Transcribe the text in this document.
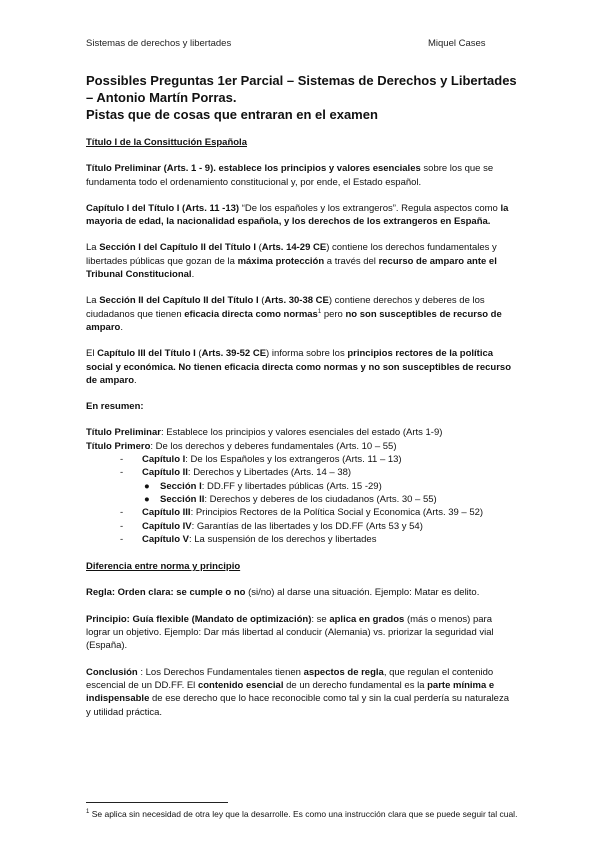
Sistemas de derechos y libertades	Miquel Cases
Possibles Preguntas 1er Parcial – Sistemas de Derechos y Libertades – Antonio Martín Porras.
Pistas que de cosas que entraran en el examen

Título I de la Consittución Española

Título Preliminar (Arts. 1 - 9). establece los principios y valores esenciales sobre los que se fundamenta todo el ordenamiento constitucional y, por ende, el Estado español.

Capítulo I del Título I (Arts. 11 -13) “De los españoles y los extrangeros”. Regula aspectos como la mayoria de edad, la nacionalidad española, y los derechos de los extrangeros en España.

La Sección I del Capítulo II del Título I (Arts. 14-29 CE) contiene los derechos fundamentales y libertades públicas que gozan de la máxima protección a través del recurso de amparo ante el Tribunal Constitucional.

La Sección II del Capítulo II del Título I (Arts. 30-38 CE) contiene derechos y deberes de los ciudadanos que tienen eficacia directa como normas$^1$ pero no son susceptibles de recurso de amparo.

El Capítulo III del Título I (Arts. 39-52 CE) informa sobre los principios rectores de la política social y económica. No tienen eficacia directa como normas y no son susceptibles de recurso de amparo.

En resumen:

Título Preliminar: Establece los principios y valores esenciales del estado (Arts 1-9)

Título Primero: De los derechos y deberes fundamentales (Arts. 10 – 55)

- Capítulo I: De los Españoles y los extrangeros (Arts. 11 – 13)

- Capítulo II: Derechos y Libertades (Arts. 14 – 38)

● Sección I: DD.FF y libertades públicas (Arts. 15 -29)

● Sección II: Derechos y deberes de los ciudadanos (Arts. 30 – 55)

- Capítulo III: Principios Rectores de la Política Social y Economica (Arts. 39 – 52)

- Capítulo IV: Garantías de las libertades y los DD.FF (Arts 53 y 54)

- Capítulo V: La suspensión de los derechos y libertades

Diferencia entre norma y principio

Regla: Orden clara: se cumple o no (si/no) al darse una situación. Ejemplo: Matar es delito.

Principio: Guía flexible (Mandato de optimización): se aplica en grados (más o menos) para lograr un objetivo. Ejemplo: Dar más libertad al conducir (Alemania) vs. priorizar la seguridad vial (España).

Conclusión : Los Derechos Fundamentales tienen aspectos de regla, que regulan el contenido escencial de un DD.FF. El contenido esencial de un derecho fundamental es la parte mínima e indispensable de ese derecho que lo hace reconocible como tal y sin la cual perdería su naturaleza y utilidad práctica.

$^1$ Se aplica sin necesidad de otra ley que la desarrolle. Es como una instrucción clara que se puede seguir tal cual.
